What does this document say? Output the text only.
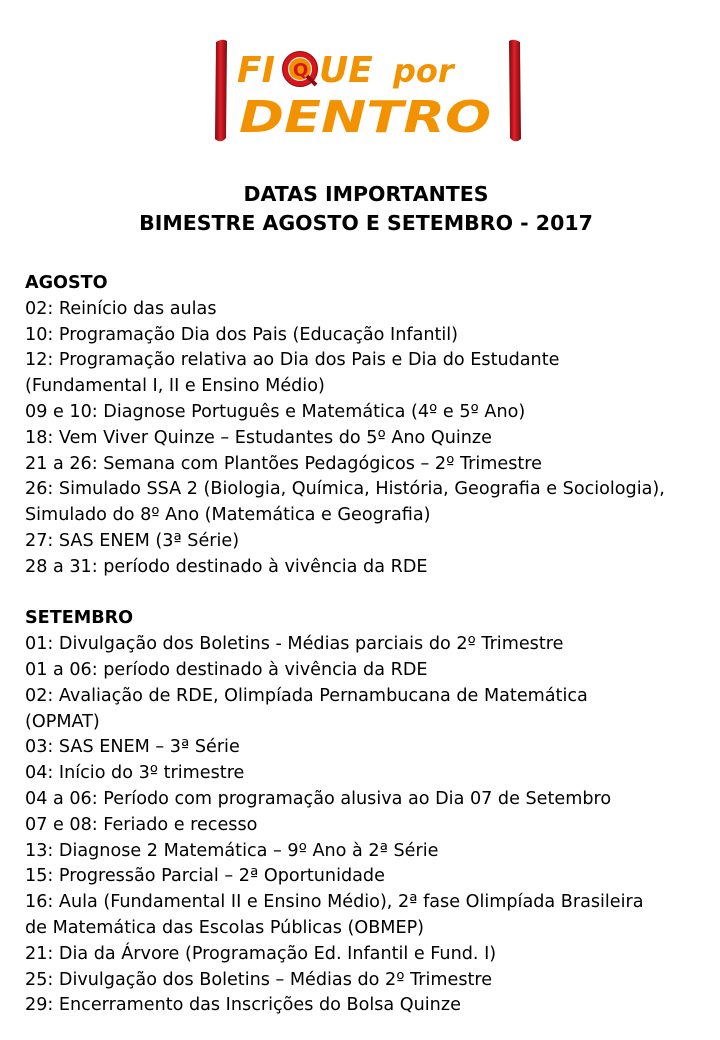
FI Q UE por
DENTRO
DATAS IMPORTANTES
BIMESTRE AGOSTO E SETEMBRO - 2017
AGOSTO
02: Reinício das aulas
10: Programação Dia dos Pais (Educação Infantil)
12: Programação relativa ao Dia dos Pais e Dia do Estudante
(Fundamental I, II e Ensino Médio)
09 e 10: Diagnose Português e Matemática (4º e 5º Ano)
18: Vem Viver Quinze – Estudantes do 5º Ano Quinze
21 a 26: Semana com Plantões Pedagógicos – 2º Trimestre
26: Simulado SSA 2 (Biologia, Química, História, Geografia e Sociologia),
Simulado do 8º Ano (Matemática e Geografia)
27: SAS ENEM (3ª Série)
28 a 31: período destinado à vivência da RDE
SETEMBRO
01: Divulgação dos Boletins - Médias parciais do 2º Trimestre
01 a 06: período destinado à vivência da RDE
02: Avaliação de RDE, Olimpíada Pernambucana de Matemática
(OPMAT)
03: SAS ENEM – 3ª Série
04: Início do 3º trimestre
04 a 06: Período com programação alusiva ao Dia 07 de Setembro
07 e 08: Feriado e recesso
13: Diagnose 2 Matemática – 9º Ano à 2ª Série
15: Progressão Parcial – 2ª Oportunidade
16: Aula (Fundamental II e Ensino Médio), 2ª fase Olimpíada Brasileira
de Matemática das Escolas Públicas (OBMEP)
21: Dia da Árvore (Programação Ed. Infantil e Fund. I)
25: Divulgação dos Boletins – Médias do 2º Trimestre
29: Encerramento das Inscrições do Bolsa Quinze
